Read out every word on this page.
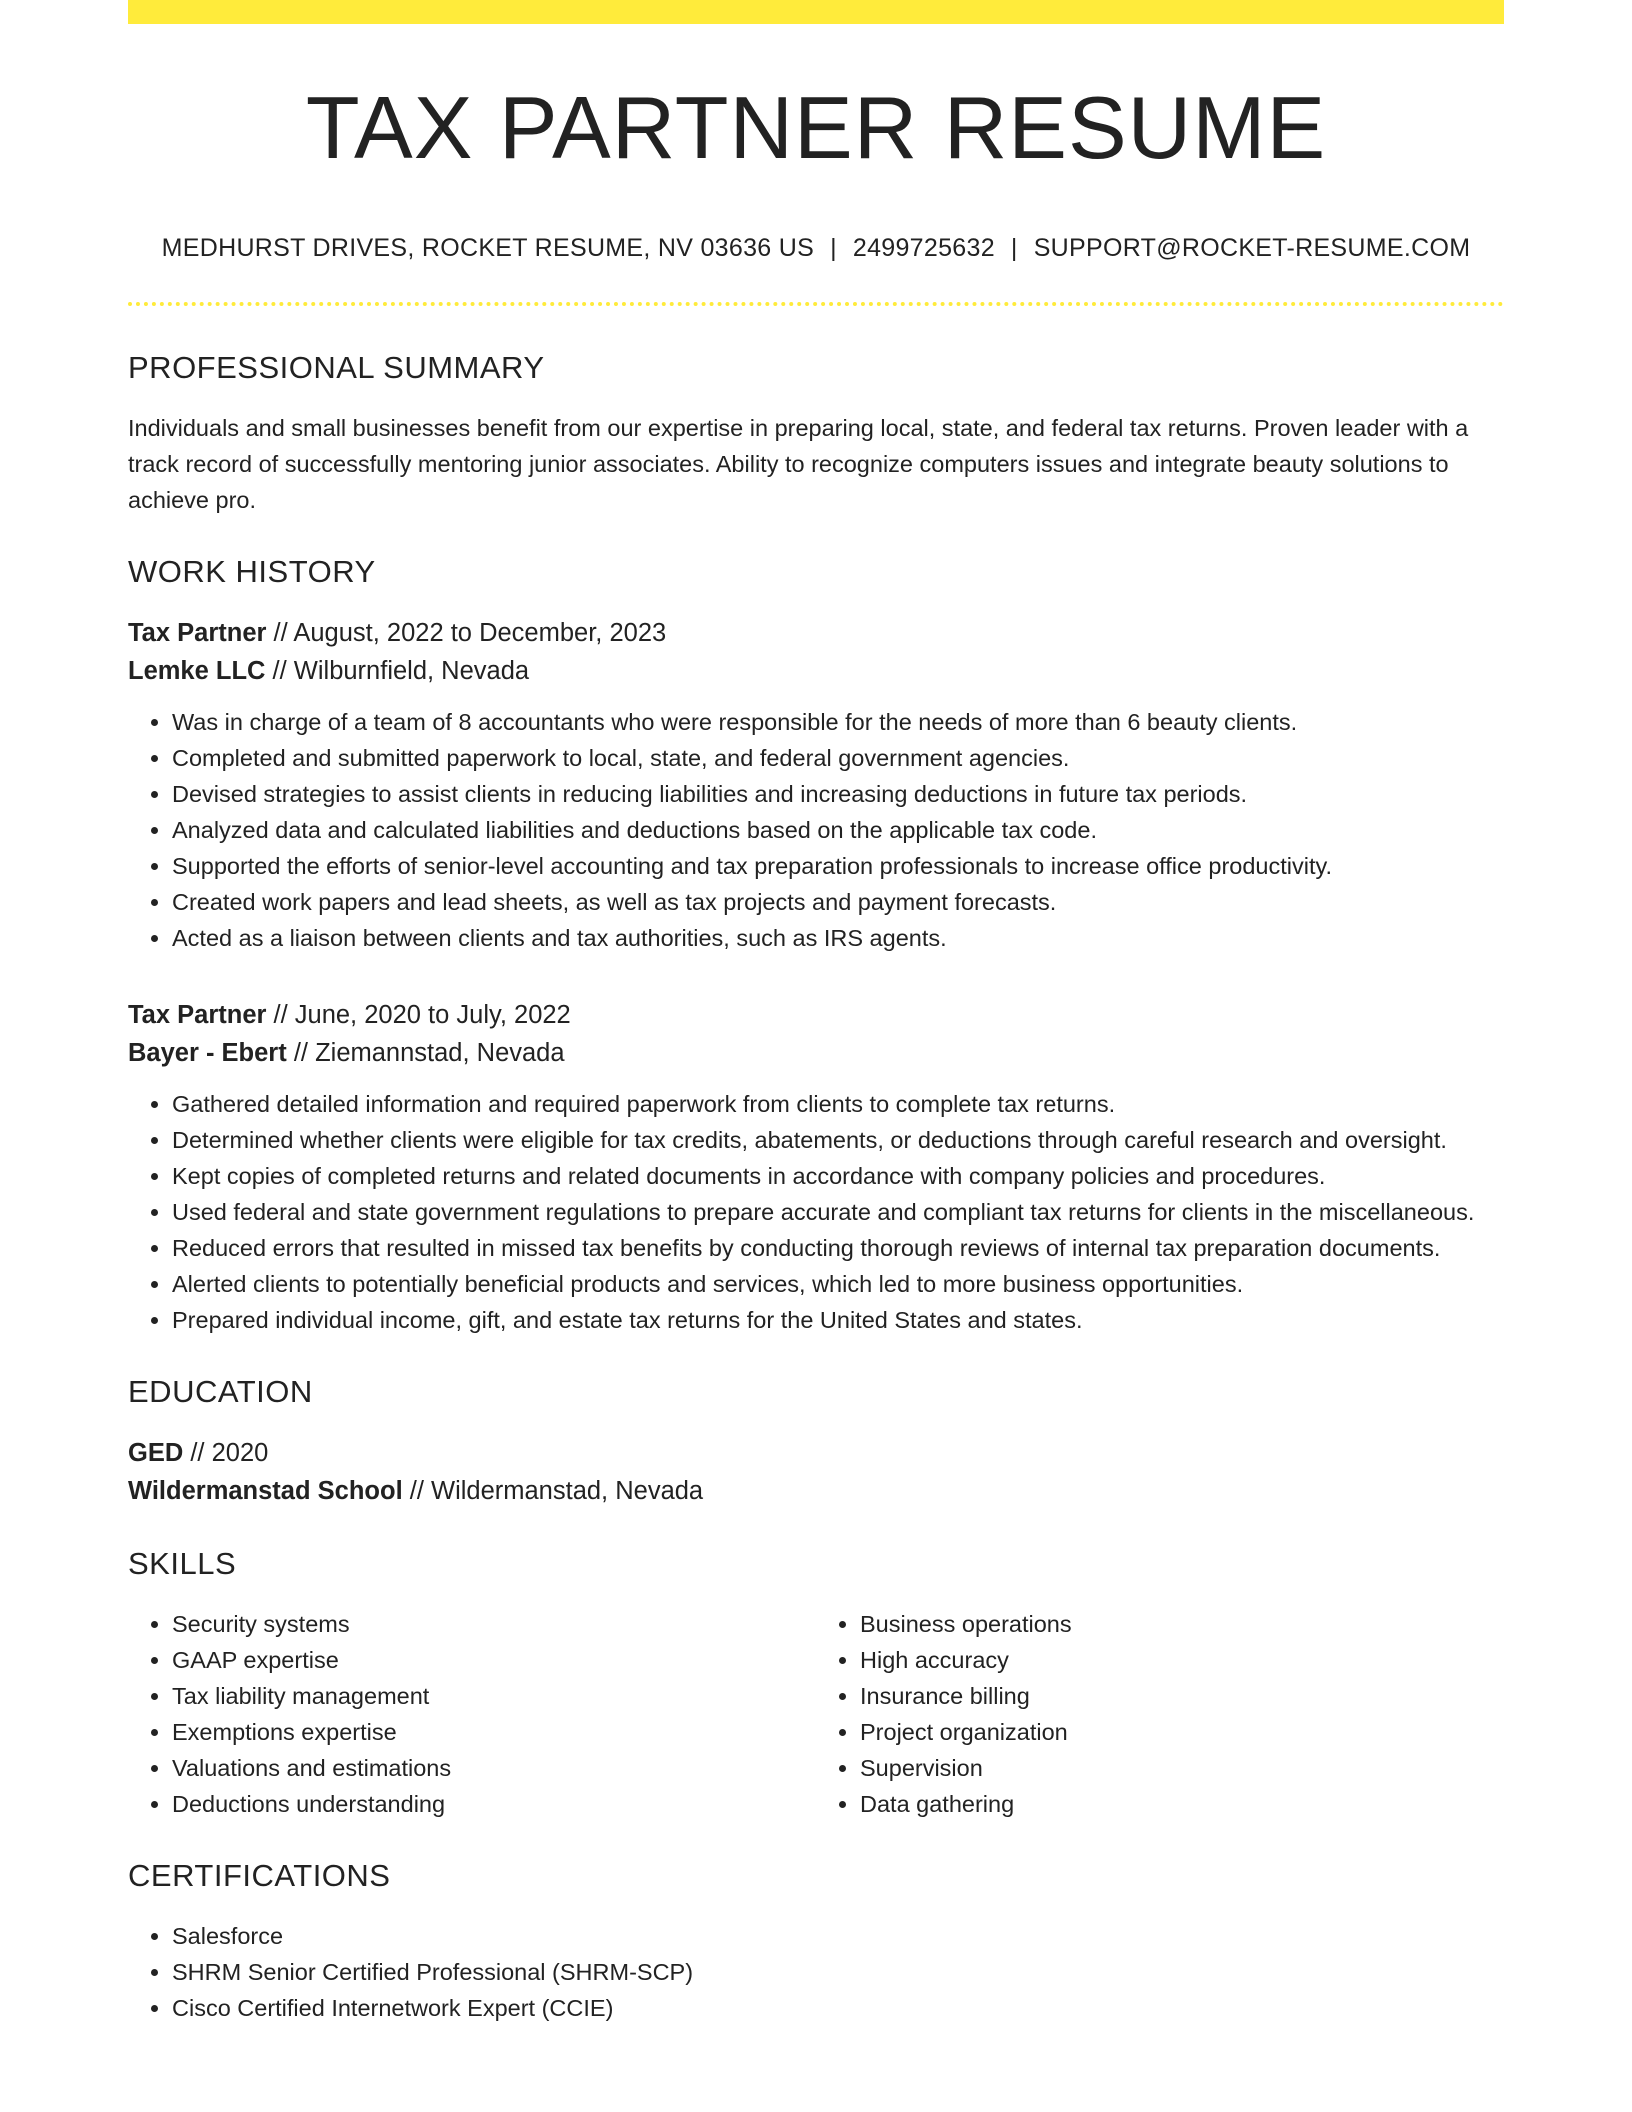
TAX PARTNER RESUME
MEDHURST DRIVES, ROCKET RESUME, NV 03636 US | 2499725632 | SUPPORT@ROCKET-RESUME.COM
PROFESSIONAL SUMMARY

Individuals and small businesses benefit from our expertise in preparing local, state, and federal tax returns. Proven leader with a track record of successfully mentoring junior associates. Ability to recognize computers issues and integrate beauty solutions to achieve pro.

WORK HISTORY
Tax Partner // August, 2022 to December, 2023
Lemke LLC // Wilburnfield, Nevada
• Was in charge of a team of 8 accountants who were responsible for the needs of more than 6 beauty clients.
• Completed and submitted paperwork to local, state, and federal government agencies.
• Devised strategies to assist clients in reducing liabilities and increasing deductions in future tax periods.
• Analyzed data and calculated liabilities and deductions based on the applicable tax code.
• Supported the efforts of senior-level accounting and tax preparation professionals to increase office productivity.
• Created work papers and lead sheets, as well as tax projects and payment forecasts.
• Acted as a liaison between clients and tax authorities, such as IRS agents.
Tax Partner // June, 2020 to July, 2022
Bayer - Ebert // Ziemannstad, Nevada
• Gathered detailed information and required paperwork from clients to complete tax returns.
• Determined whether clients were eligible for tax credits, abatements, or deductions through careful research and oversight.
• Kept copies of completed returns and related documents in accordance with company policies and procedures.
• Used federal and state government regulations to prepare accurate and compliant tax returns for clients in the miscellaneous.
• Reduced errors that resulted in missed tax benefits by conducting thorough reviews of internal tax preparation documents.
• Alerted clients to potentially beneficial products and services, which led to more business opportunities.
• Prepared individual income, gift, and estate tax returns for the United States and states.
EDUCATION
GED // 2020
Wildermanstad School // Wildermanstad, Nevada
SKILLS
• Security systems
• GAAP expertise
• Tax liability management
• Exemptions expertise
• Valuations and estimations
• Deductions understanding
• Business operations
• High accuracy
• Insurance billing
• Project organization
• Supervision
• Data gathering
CERTIFICATIONS
• Salesforce
• SHRM Senior Certified Professional (SHRM-SCP)
• Cisco Certified Internetwork Expert (CCIE)
